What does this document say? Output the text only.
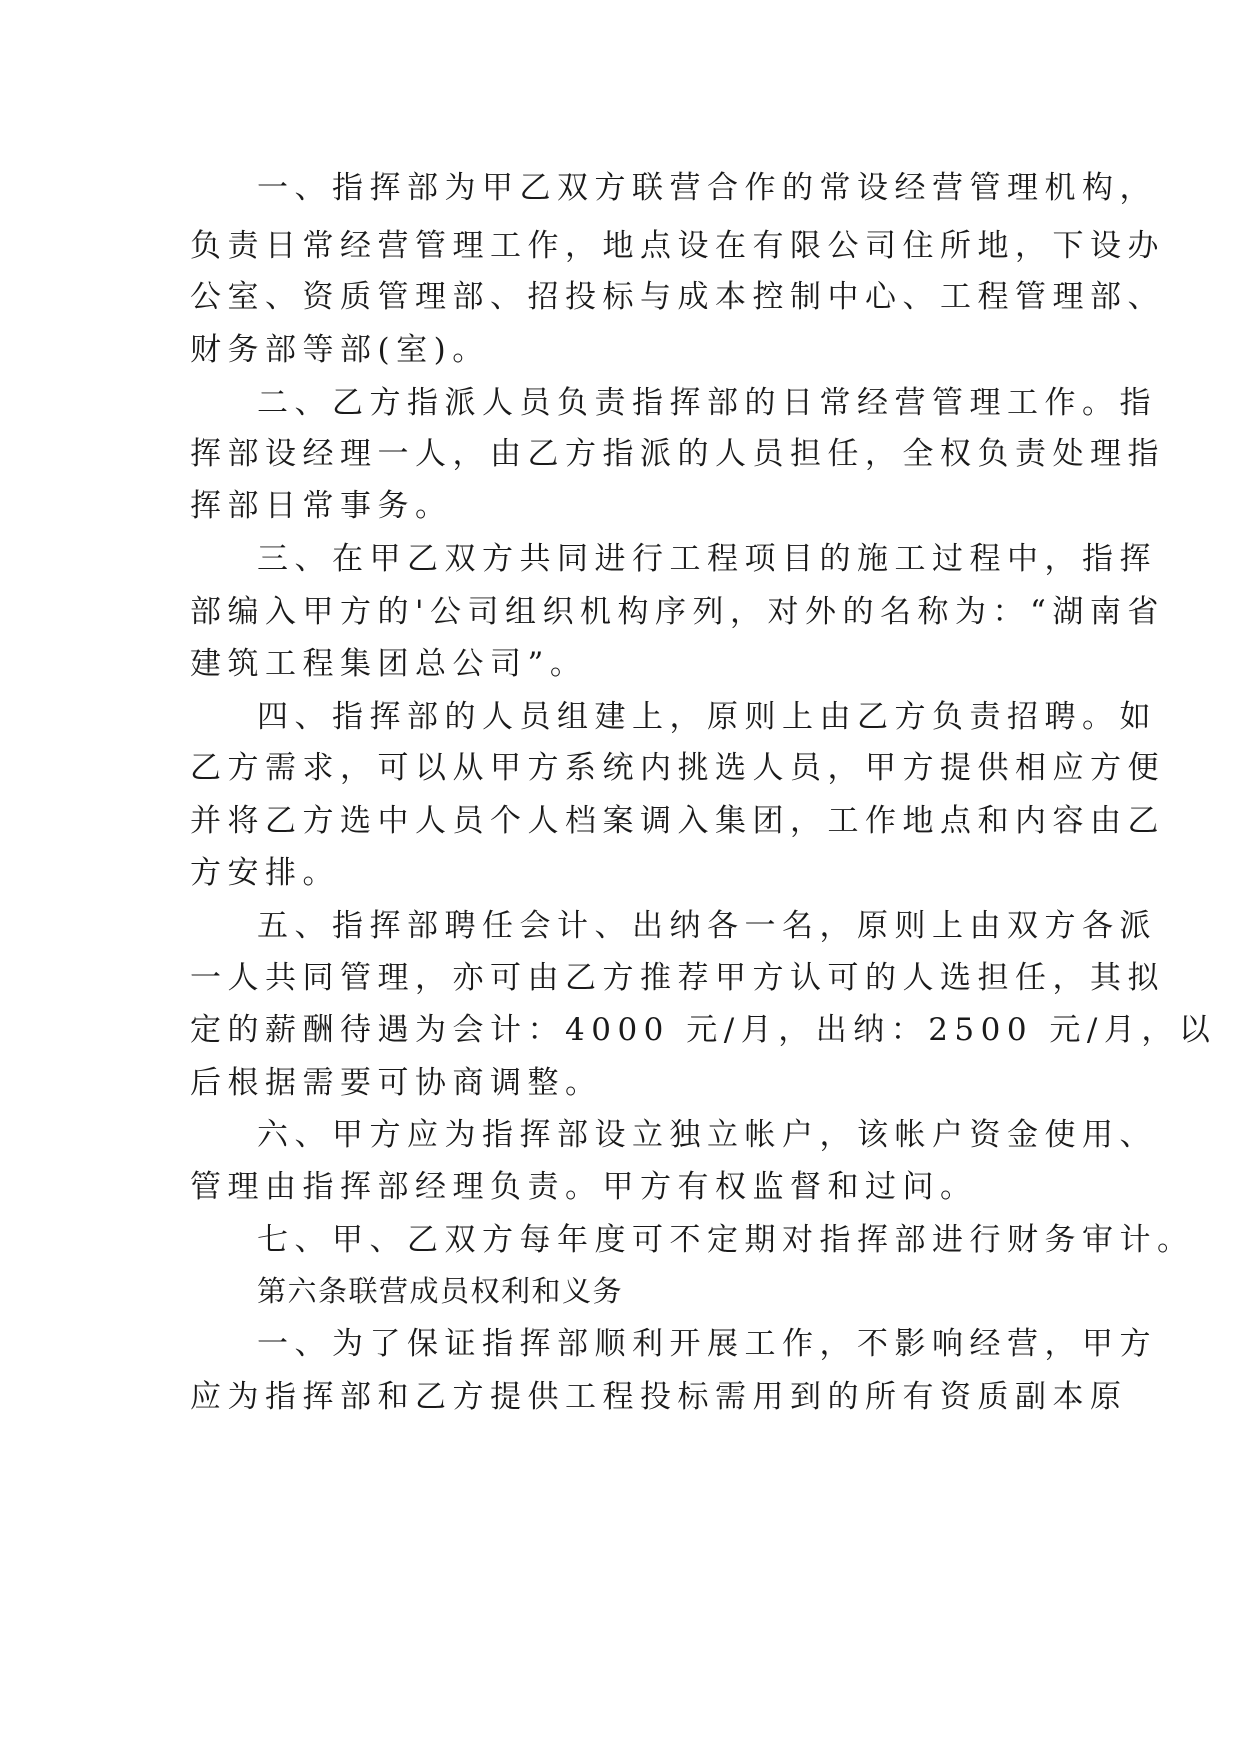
一、指挥部为甲乙双方联营合作的常设经营管理机构，
负责日常经营管理工作，地点设在有限公司住所地，下设办
公室、资质管理部、招投标与成本控制中心、工程管理部、
财务部等部(室)。
二、乙方指派人员负责指挥部的日常经营管理工作。指
挥部设经理一人，由乙方指派的人员担任，全权负责处理指
挥部日常事务。
三、在甲乙双方共同进行工程项目的施工过程中，指挥
部编入甲方的'公司组织机构序列，对外的名称为：“湖南省
建筑工程集团总公司”。
四、指挥部的人员组建上，原则上由乙方负责招聘。如
乙方需求，可以从甲方系统内挑选人员，甲方提供相应方便
并将乙方选中人员个人档案调入集团，工作地点和内容由乙
方安排。
五、指挥部聘任会计、出纳各一名，原则上由双方各派
一人共同管理，亦可由乙方推荐甲方认可的人选担任，其拟
定的薪酬待遇为会计：4000 元/月，出纳：2500 元/月，以
后根据需要可协商调整。
六、甲方应为指挥部设立独立帐户，该帐户资金使用、
管理由指挥部经理负责。甲方有权监督和过问。
七、甲、乙双方每年度可不定期对指挥部进行财务审计。
第六条联营成员权利和义务
一、为了保证指挥部顺利开展工作，不影响经营，甲方
应为指挥部和乙方提供工程投标需用到的所有资质副本原
